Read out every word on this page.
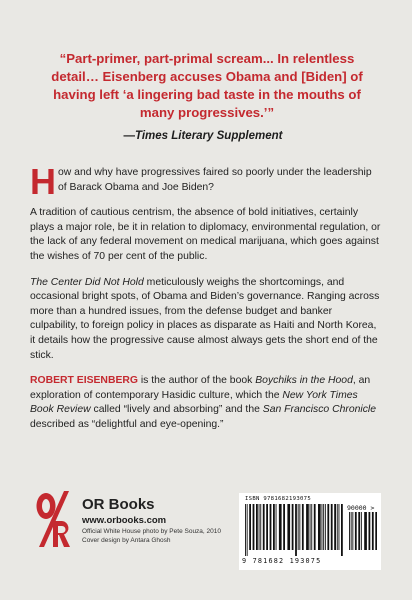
“Part-primer, part-primal scream... In relentless detail… Eisenberg accuses Obama and [Biden] of having left ‘a lingering bad taste in the mouths of many progressives.’”
—Times Literary Supplement

How and why have progressives faired so poorly under the leadership of Barack Obama and Joe Biden?

A tradition of cautious centrism, the absence of bold initiatives, certainly plays a major role, be it in relation to diplomacy, environmental regulation, or the lack of any federal movement on medical marijuana, which goes against the wishes of 70 per cent of the public.

The Center Did Not Hold meticulously weighs the shortcomings, and occasional bright spots, of Obama and Biden’s governance. Ranging across more than a hundred issues, from the defense budget and banker culpability, to foreign policy in places as disparate as Haiti and North Korea, it details how the progressive cause almost always gets the short end of the stick.

ROBERT EISENBERG is the author of the book Boychiks in the Hood, an exploration of contemporary Hasidic culture, which the New York Times Book Review called “lively and absorbing” and the San Francisco Chronicle described as “delightful and eye-opening.”

OR Books
www.orbooks.com
Official White House photo by Pete Souza, 2010
Cover design by Antara Ghosh
ISBN 9781682193075
90000 >
9 781682 193075
